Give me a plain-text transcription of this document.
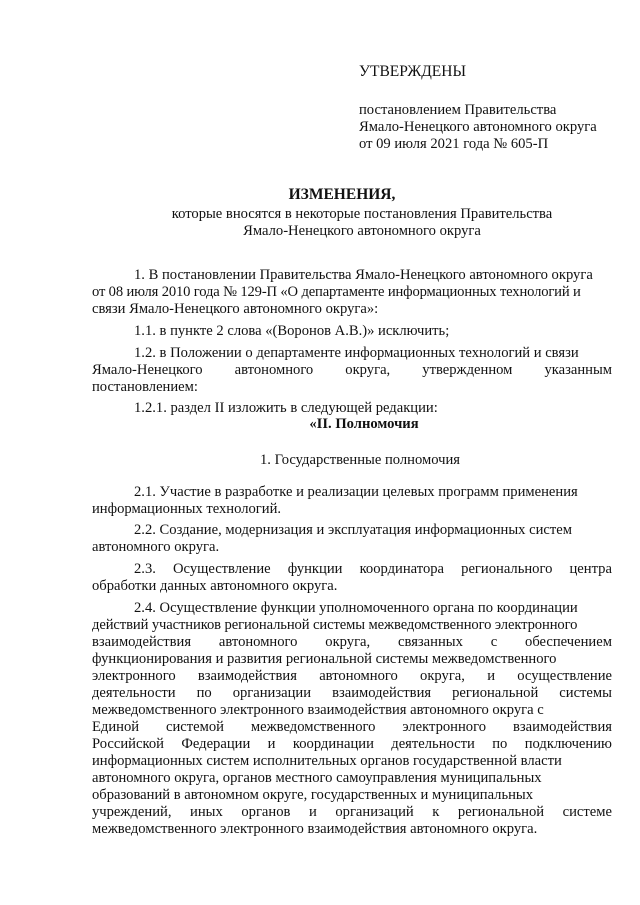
УТВЕРЖДЕНЫ
постановлением Правительства
Ямало-Ненецкого автономного округа
от 09 июля 2021 года № 605-П
ИЗМЕНЕНИЯ,
которые вносятся в некоторые постановления Правительства
Ямало-Ненецкого автономного округа
1. В постановлении Правительства Ямало-Ненецкого автономного округа
от 08 июля 2010 года № 129-П «О департаменте информационных технологий и
связи Ямало-Ненецкого автономного округа»:
1.1. в пункте 2 слова «(Воронов А.В.)» исключить;
1.2. в Положении о департаменте информационных технологий и связи
Ямало-Ненецкого автономного округа, утвержденном указанным
постановлением:
1.2.1. раздел II изложить в следующей редакции:
«II. Полномочия
1. Государственные полномочия
2.1. Участие в разработке и реализации целевых программ применения
информационных технологий.
2.2. Создание, модернизация и эксплуатация информационных систем
автономного округа.
2.3. Осуществление функции координатора регионального центра
обработки данных автономного округа.
2.4. Осуществление функции уполномоченного органа по координации
действий участников региональной системы межведомственного электронного
взаимодействия автономного округа, связанных с обеспечением
функционирования и развития региональной системы межведомственного
электронного взаимодействия автономного округа, и осуществление
деятельности по организации взаимодействия региональной системы
межведомственного электронного взаимодействия автономного округа с
Единой системой межведомственного электронного взаимодействия
Российской Федерации и координации деятельности по подключению
информационных систем исполнительных органов государственной власти
автономного округа, органов местного самоуправления муниципальных
образований в автономном округе, государственных и муниципальных
учреждений, иных органов и организаций к региональной системе
межведомственного электронного взаимодействия автономного округа.
